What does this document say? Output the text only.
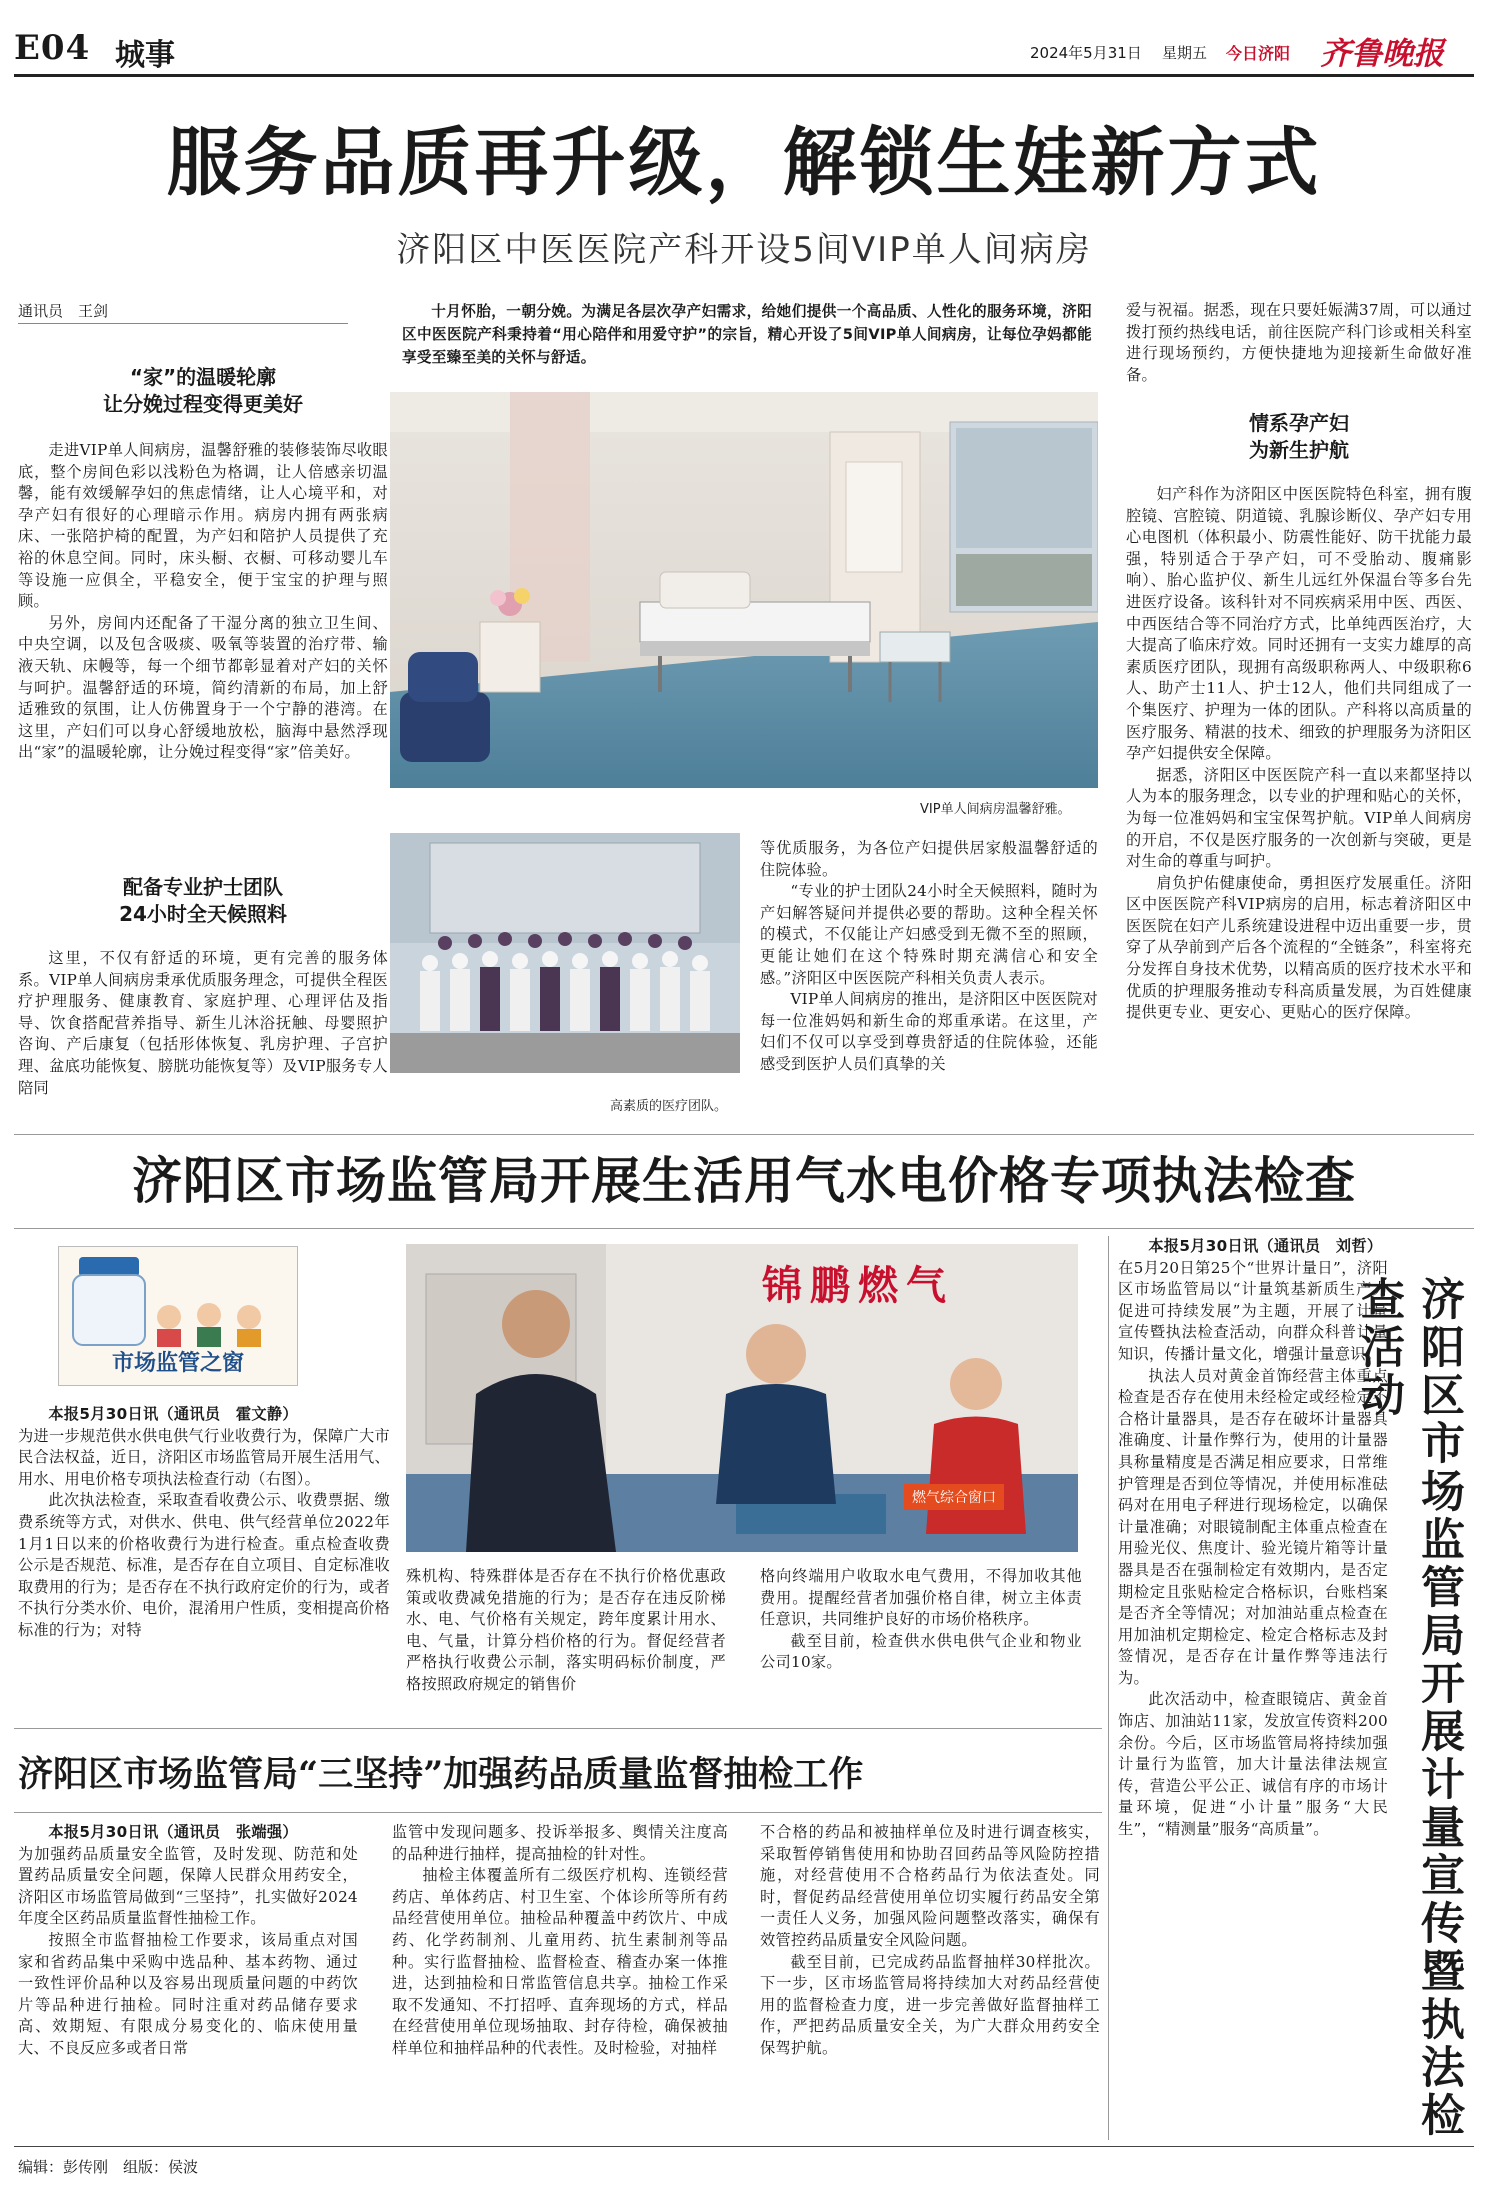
E04 城事	2024年5月31日 星期五 今日济阳 齐鲁晚报
服务品质再升级，解锁生娃新方式
济阳区中医医院产科开设5间VIP单人间病房
通讯员　王剑
“家”的温暖轮廓
让分娩过程变得更美好

走进VIP单人间病房，温馨舒雅的装修装饰尽收眼底，整个房间色彩以浅粉色为格调，让人倍感亲切温馨，能有效缓解孕妇的焦虑情绪，让人心境平和，对孕产妇有很好的心理暗示作用。病房内拥有两张病床、一张陪护椅的配置，为产妇和陪护人员提供了充裕的休息空间。同时，床头橱、衣橱、可移动婴儿车等设施一应俱全，平稳安全，便于宝宝的护理与照顾。

另外，房间内还配备了干湿分离的独立卫生间、中央空调，以及包含吸痰、吸氧等装置的治疗带、输液天轨、床幔等，每一个细节都彰显着对产妇的关怀与呵护。温馨舒适的环境，简约清新的布局，加上舒适雅致的氛围，让人仿佛置身于一个宁静的港湾。在这里，产妇们可以身心舒缓地放松，脑海中悬然浮现出“家”的温暖轮廓，让分娩过程变得“家”倍美好。

配备专业护士团队
24小时全天候照料

这里，不仅有舒适的环境，更有完善的服务体系。VIP单人间病房秉承优质服务理念，可提供全程医疗护理服务、健康教育、家庭护理、心理评估及指导、饮食搭配营养指导、新生儿沐浴抚触、母婴照护咨询、产后康复（包括形体恢复、乳房护理、子宫护理、盆底功能恢复、膀胱功能恢复等）及VIP服务专人陪同

十月怀胎，一朝分娩。为满足各层次孕产妇需求，给她们提供一个高品质、人性化的服务环境，济阳区中医医院产科秉持着“用心陪伴和用爱守护”的宗旨，精心开设了5间VIP单人间病房，让每位孕妈都能享受至臻至美的关怀与舒适。

VIP单人间病房温馨舒雅。
高素质的医疗团队。

等优质服务，为各位产妇提供居家般温馨舒适的住院体验。

“专业的护士团队24小时全天候照料，随时为产妇解答疑问并提供必要的帮助。这种全程关怀的模式，不仅能让产妇感受到无微不至的照顾，更能让她们在这个特殊时期充满信心和安全感。”济阳区中医医院产科相关负责人表示。

VIP单人间病房的推出，是济阳区中医医院对每一位准妈妈和新生命的郑重承诺。在这里，产妇们不仅可以享受到尊贵舒适的住院体验，还能感受到医护人员们真挚的关

爱与祝福。据悉，现在只要妊娠满37周，可以通过拨打预约热线电话，前往医院产科门诊或相关科室进行现场预约，方便快捷地为迎接新生命做好准备。

情系孕产妇
为新生护航

妇产科作为济阳区中医医院特色科室，拥有腹腔镜、宫腔镜、阴道镜、乳腺诊断仪、孕产妇专用心电图机（体积最小、防震性能好、防干扰能力最强，特别适合于孕产妇，可不受胎动、腹痛影响）、胎心监护仪、新生儿远红外保温台等多台先进医疗设备。该科针对不同疾病采用中医、西医、中西医结合等不同治疗方式，比单纯西医治疗，大大提高了临床疗效。同时还拥有一支实力雄厚的高素质医疗团队，现拥有高级职称两人、中级职称6人、助产士11人、护士12人，他们共同组成了一个集医疗、护理为一体的团队。产科将以高质量的医疗服务、精湛的技术、细致的护理服务为济阳区孕产妇提供安全保障。

据悉，济阳区中医医院产科一直以来都坚持以人为本的服务理念，以专业的护理和贴心的关怀，为每一位准妈妈和宝宝保驾护航。VIP单人间病房的开启，不仅是医疗服务的一次创新与突破，更是对生命的尊重与呵护。

肩负护佑健康使命，勇担医疗发展重任。济阳区中医医院产科VIP病房的启用，标志着济阳区中医医院在妇产儿系统建设进程中迈出重要一步，贯穿了从孕前到产后各个流程的“全链条”，科室将充分发挥自身技术优势，以精高质的医疗技术水平和优质的护理服务推动专科高质量发展，为百姓健康提供更专业、更安心、更贴心的医疗保障。

济阳区市场监管局开展生活用气水电价格专项执法检查
市场监管之窗

本报5月30日讯（通讯员　霍文静）

为进一步规范供水供电供气行业收费行为，保障广大市民合法权益，近日，济阳区市场监管局开展生活用气、用水、用电价格专项执法检查行动（右图）。

此次执法检查，采取查看收费公示、收费票据、缴费系统等方式，对供水、供电、供气经营单位2022年1月1日以来的价格收费行为进行检查。重点检查收费公示是否规范、标准，是否存在自立项目、自定标准收取费用的行为；是否存在不执行政府定价的行为，或者不执行分类水价、电价，混淆用户性质，变相提高价格标准的行为；对特

锦鹏燃气
燃气综合窗口

殊机构、特殊群体是否存在不执行价格优惠政策或收费减免措施的行为；是否存在违反阶梯水、电、气价格有关规定，跨年度累计用水、电、气量，计算分档价格的行为。督促经营者严格执行收费公示制，落实明码标价制度，严格按照政府规定的销售价

格向终端用户收取水电气费用，不得加收其他费用。提醒经营者加强价格自律，树立主体责任意识，共同维护良好的市场价格秩序。

截至目前，检查供水供电供气企业和物业公司10家。

济阳区市场监管局“三坚持”加强药品质量监督抽检工作

本报5月30日讯（通讯员　张端强）

为加强药品质量安全监管，及时发现、防范和处置药品质量安全问题，保障人民群众用药安全，济阳区市场监管局做到“三坚持”，扎实做好2024年度全区药品质量监督性抽检工作。

按照全市监督抽检工作要求，该局重点对国家和省药品集中采购中选品种、基本药物、通过一致性评价品种以及容易出现质量问题的中药饮片等品种进行抽检。同时注重对药品储存要求高、效期短、有限成分易变化的、临床使用量大、不良反应多或者日常

监管中发现问题多、投诉举报多、舆情关注度高的品种进行抽样，提高抽检的针对性。

抽检主体覆盖所有二级医疗机构、连锁经营药店、单体药店、村卫生室、个体诊所等所有药品经营使用单位。抽检品种覆盖中药饮片、中成药、化学药制剂、儿童用药、抗生素制剂等品种。实行监督抽检、监督检查、稽查办案一体推进，达到抽检和日常监管信息共享。抽检工作采取不发通知、不打招呼、直奔现场的方式，样品在经营使用单位现场抽取、封存待检，确保被抽样单位和抽样品种的代表性。及时检验，对抽样

不合格的药品和被抽样单位及时进行调查核实，采取暂停销售使用和协助召回药品等风险防控措施，对经营使用不合格药品行为依法查处。同时，督促药品经营使用单位切实履行药品安全第一责任人义务，加强风险问题整改落实，确保有效管控药品质量安全风险问题。

截至目前，已完成药品监督抽样30样批次。下一步，区市场监管局将持续加大对药品经营使用的监督检查力度，进一步完善做好监督抽样工作，严把药品质量安全关，为广大群众用药安全保驾护航。

本报5月30日讯（通讯员　刘哲）

在5月20日第25个“世界计量日”，济阳区市场监管局以“计量筑基新质生产力　促进可持续发展”为主题，开展了计量宣传暨执法检查活动，向群众科普计量知识，传播计量文化，增强计量意识。

执法人员对黄金首饰经营主体重点检查是否存在使用未经检定或经检定不合格计量器具，是否存在破坏计量器具准确度、计量作弊行为，使用的计量器具称量精度是否满足相应要求，日常维护管理是否到位等情况，并使用标准砝码对在用电子秤进行现场检定，以确保计量准确；对眼镜制配主体重点检查在用验光仪、焦度计、验光镜片箱等计量器具是否在强制检定有效期内，是否定期检定且张贴检定合格标识，台账档案是否齐全等情况；对加油站重点检查在用加油机定期检定、检定合格标志及封签情况，是否存在计量作弊等违法行为。

此次活动中，检查眼镜店、黄金首饰店、加油站11家，发放宣传资料200余份。今后，区市场监管局将持续加强计量行为监管，加大计量法律法规宣传，营造公平公正、诚信有序的市场计量环境，促进“小计量”服务“大民生”，“精测量”服务“高质量”。	济阳区市场监管局开展计量宣传暨执法检查活动
编辑：彭传刚　组版：侯波
